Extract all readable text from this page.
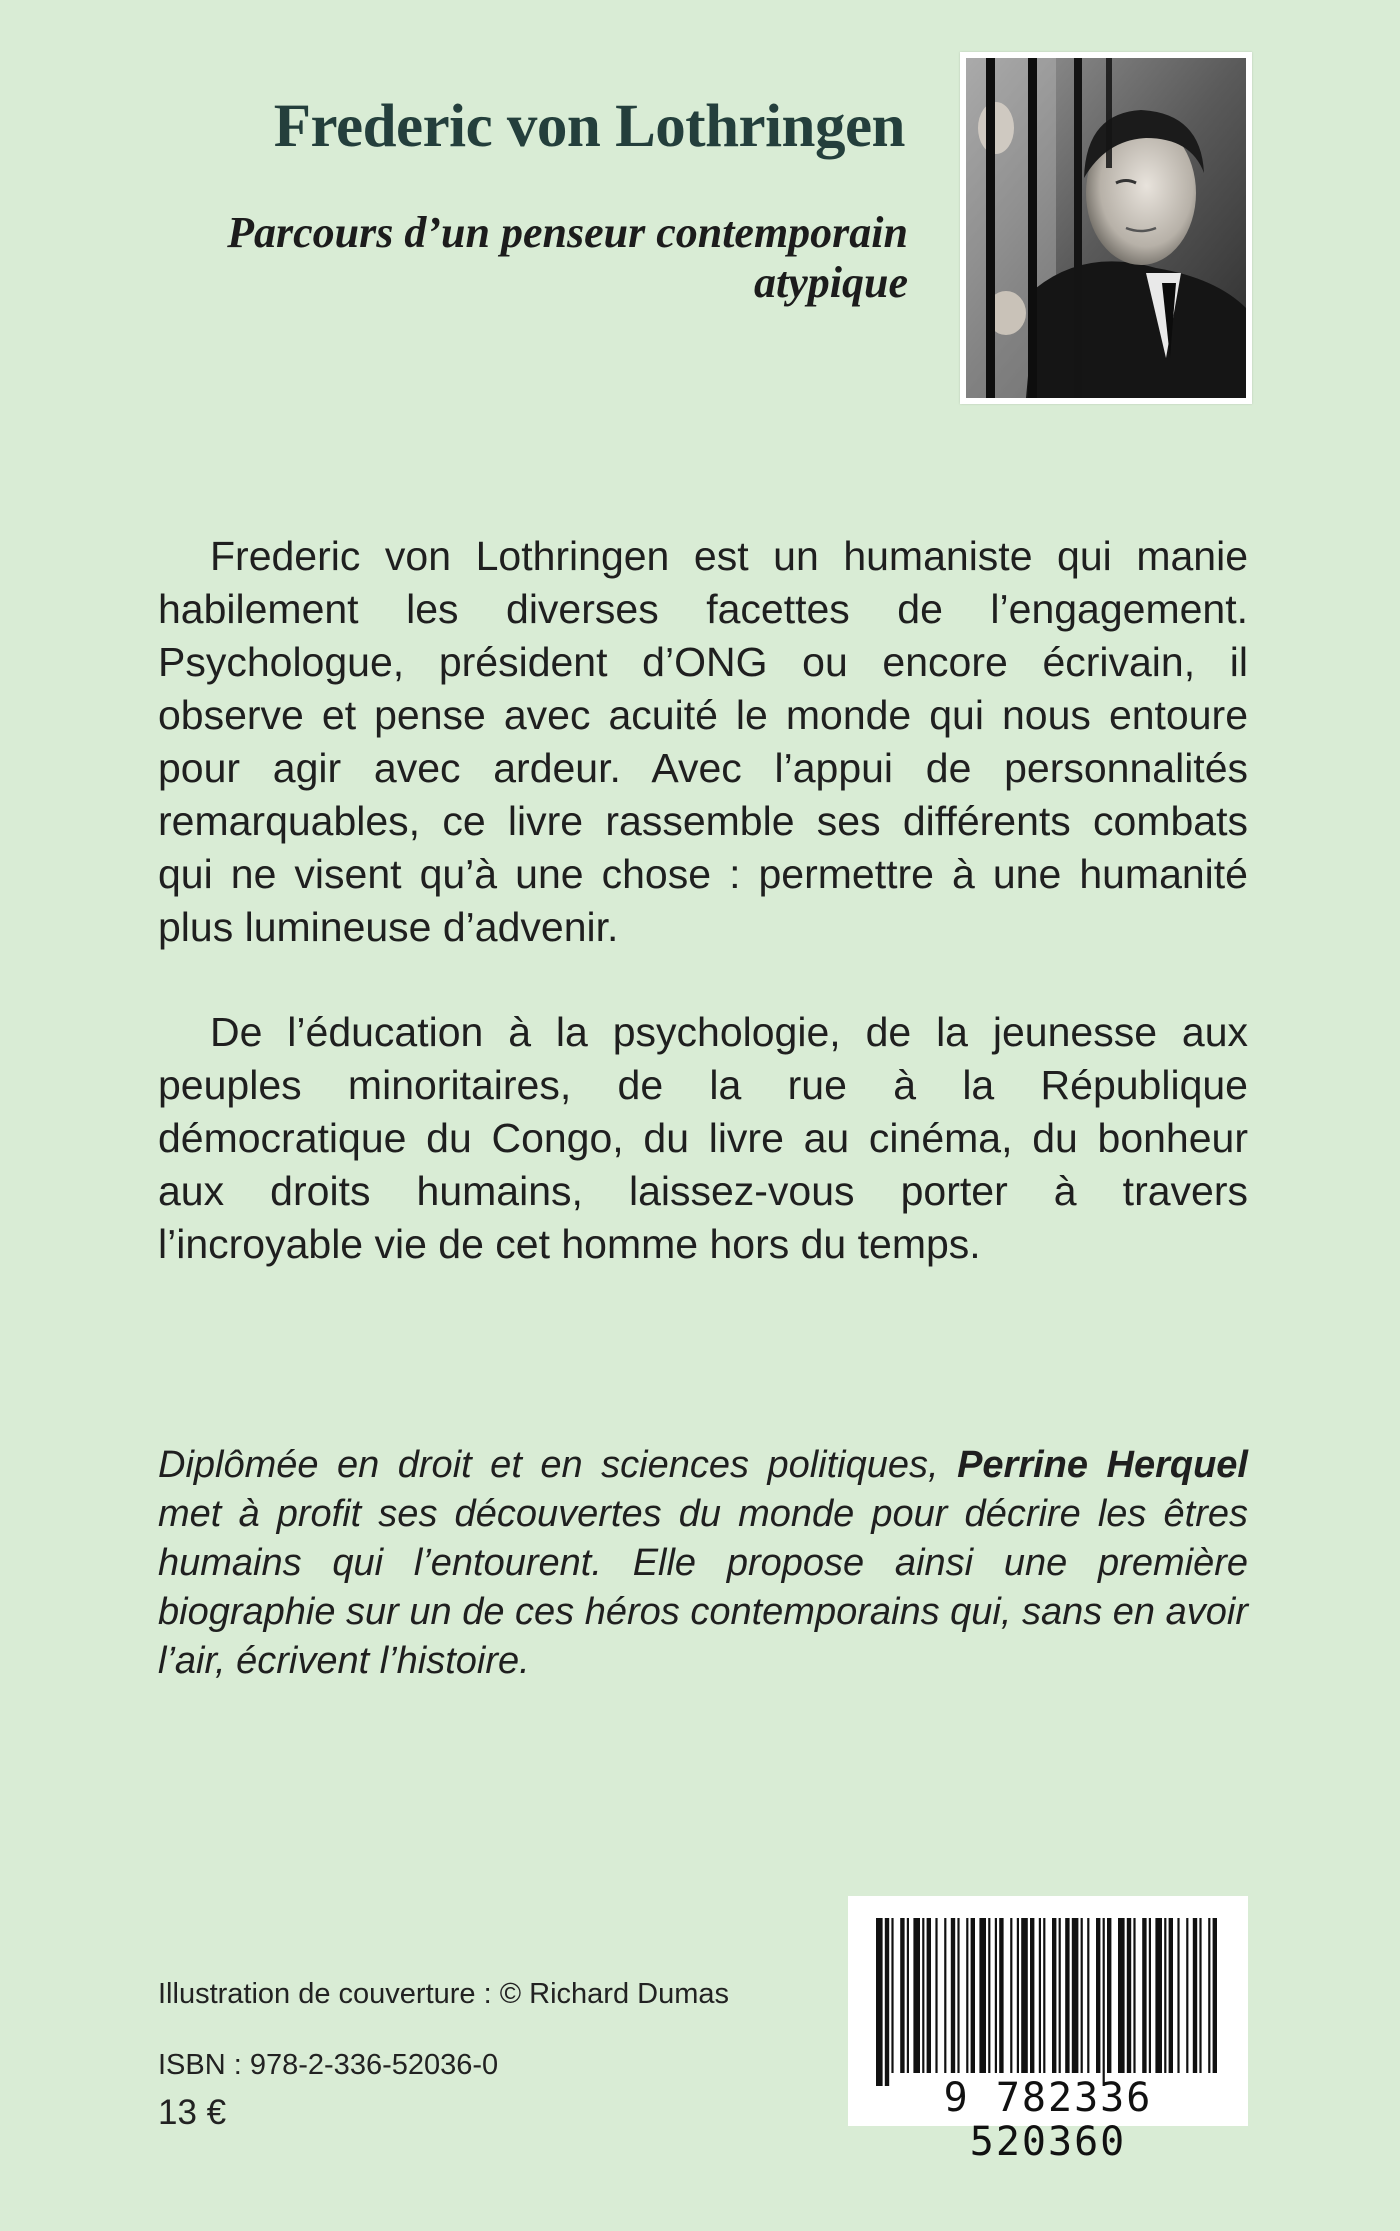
Frederic von Lothringen
Parcours d’un penseur contemporain atypique

Frederic von Lothringen est un humaniste qui manie habilement les diverses facettes de l’engagement. Psychologue, président d’ONG ou encore écrivain, il observe et pense avec acuité le monde qui nous entoure pour agir avec ardeur. Avec l’appui de personnalités remarquables, ce livre rassemble ses différents combats qui ne visent qu’à une chose : permettre à une humanité plus lumineuse d’advenir.

De l’éducation à la psychologie, de la jeunesse aux peuples minoritaires, de la rue à la République démocratique du Congo, du livre au cinéma, du bonheur aux droits humains, laissez-vous porter à travers l’incroyable vie de cet homme hors du temps.

Diplômée en droit et en sciences politiques, Perrine Herquel met à profit ses découvertes du monde pour décrire les êtres humains qui l’entourent. Elle propose ainsi une première biographie sur un de ces héros contemporains qui, sans en avoir l’air, écrivent l’histoire.

Illustration de couverture : © Richard Dumas

ISBN : 978-2-336-52036-0

13 €	9 782336 520360
